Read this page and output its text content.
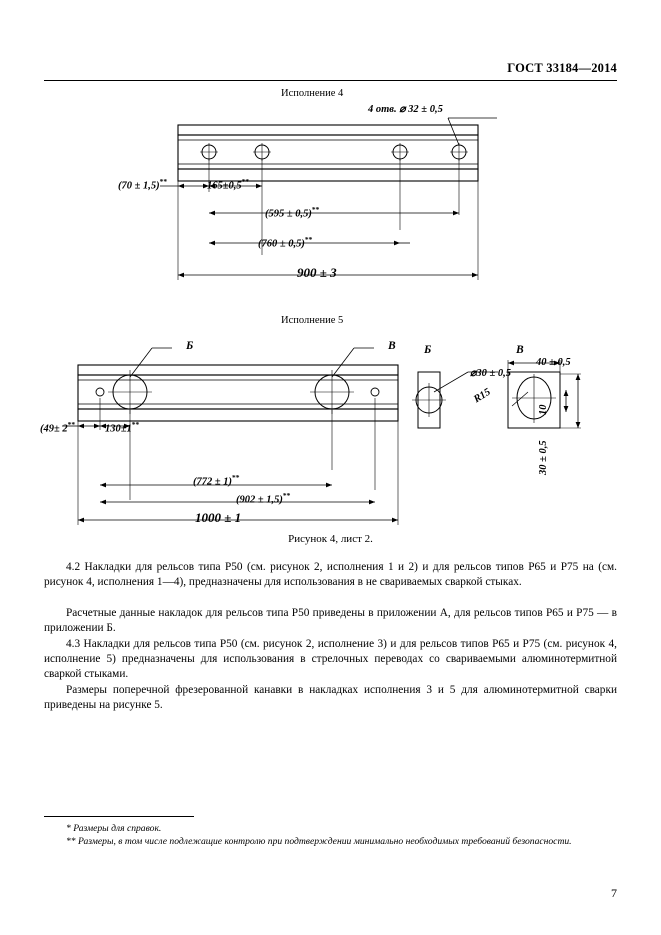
ГОСТ 33184—2014
Исполнение 4
4 отв. ⌀ 32 ± 0,5
(70 ± 1,5)**	165±0,5**
(595 ± 0,5)**
(760 ± 0,5)**
900 ± 3
Исполнение 5
Б	В Б	В
⌀30 ± 0,5
40 ± 0,5
R15
10
30 ± 0,5
(49± 2**	130±1**
(772 ± 1)**
(902 ± 1,5)**
1000 ± 1
Рисунок 4, лист 2.

4.2 Накладки для рельсов типа Р50 (см. рисунок 2, исполнения 1 и 2) и для рельсов типов Р65 и Р75 на (см. рисунок 4, исполнения 1—4), предназначены для использования в не свариваемых сваркой стыках.

Расчетные данные накладок для рельсов типа Р50 приведены в приложении А, для рельсов типов Р65 и Р75 — в приложении Б.

4.3 Накладки для рельсов типа Р50 (см. рисунок 2, исполнение 3) и для рельсов типов Р65 и Р75 (см. рисунок 4, исполнение 5) предназначены для использования в стрелочных переводах со свариваемыми алюминотермитной сваркой стыками.

Размеры поперечной фрезерованной канавки в накладках исполнения 3 и 5 для алюминотермитной сварки приведены на рисунке 5.

* Размеры для справок.

** Размеры, в том числе подлежащие контролю при подтверждении минимально необходимых требований безопасности.

7
